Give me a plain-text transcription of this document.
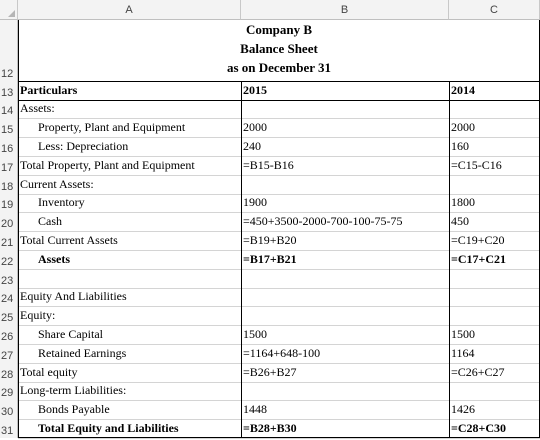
A	B	C
Company B
Balance Sheet
as on December 31
12
13 Particulars	2015	2014
14 Assets:
15	Property, Plant and Equipment	2000	2000
16	Less: Depreciation	240	160
17 Total Property, Plant and Equipment	=B15-B16	=C15-C16
18 Current Assets:
19	Inventory	1900	1800
20	Cash	=450+3500-2000-700-100-75-75	450
21 Total Current Assets	=B19+B20	=C19+C20
22	Assets	=B17+B21	=C17+C21
23
24 Equity And Liabilities
25 Equity:
26	Share Capital	1500	1500
27	Retained Earnings	=1164+648-100	1164
28 Total equity	=B26+B27	=C26+C27
29 Long-term Liabilities:
30	Bonds Payable	1448	1426
31	Total Equity and Liabilities	=B28+B30	=C28+C30
